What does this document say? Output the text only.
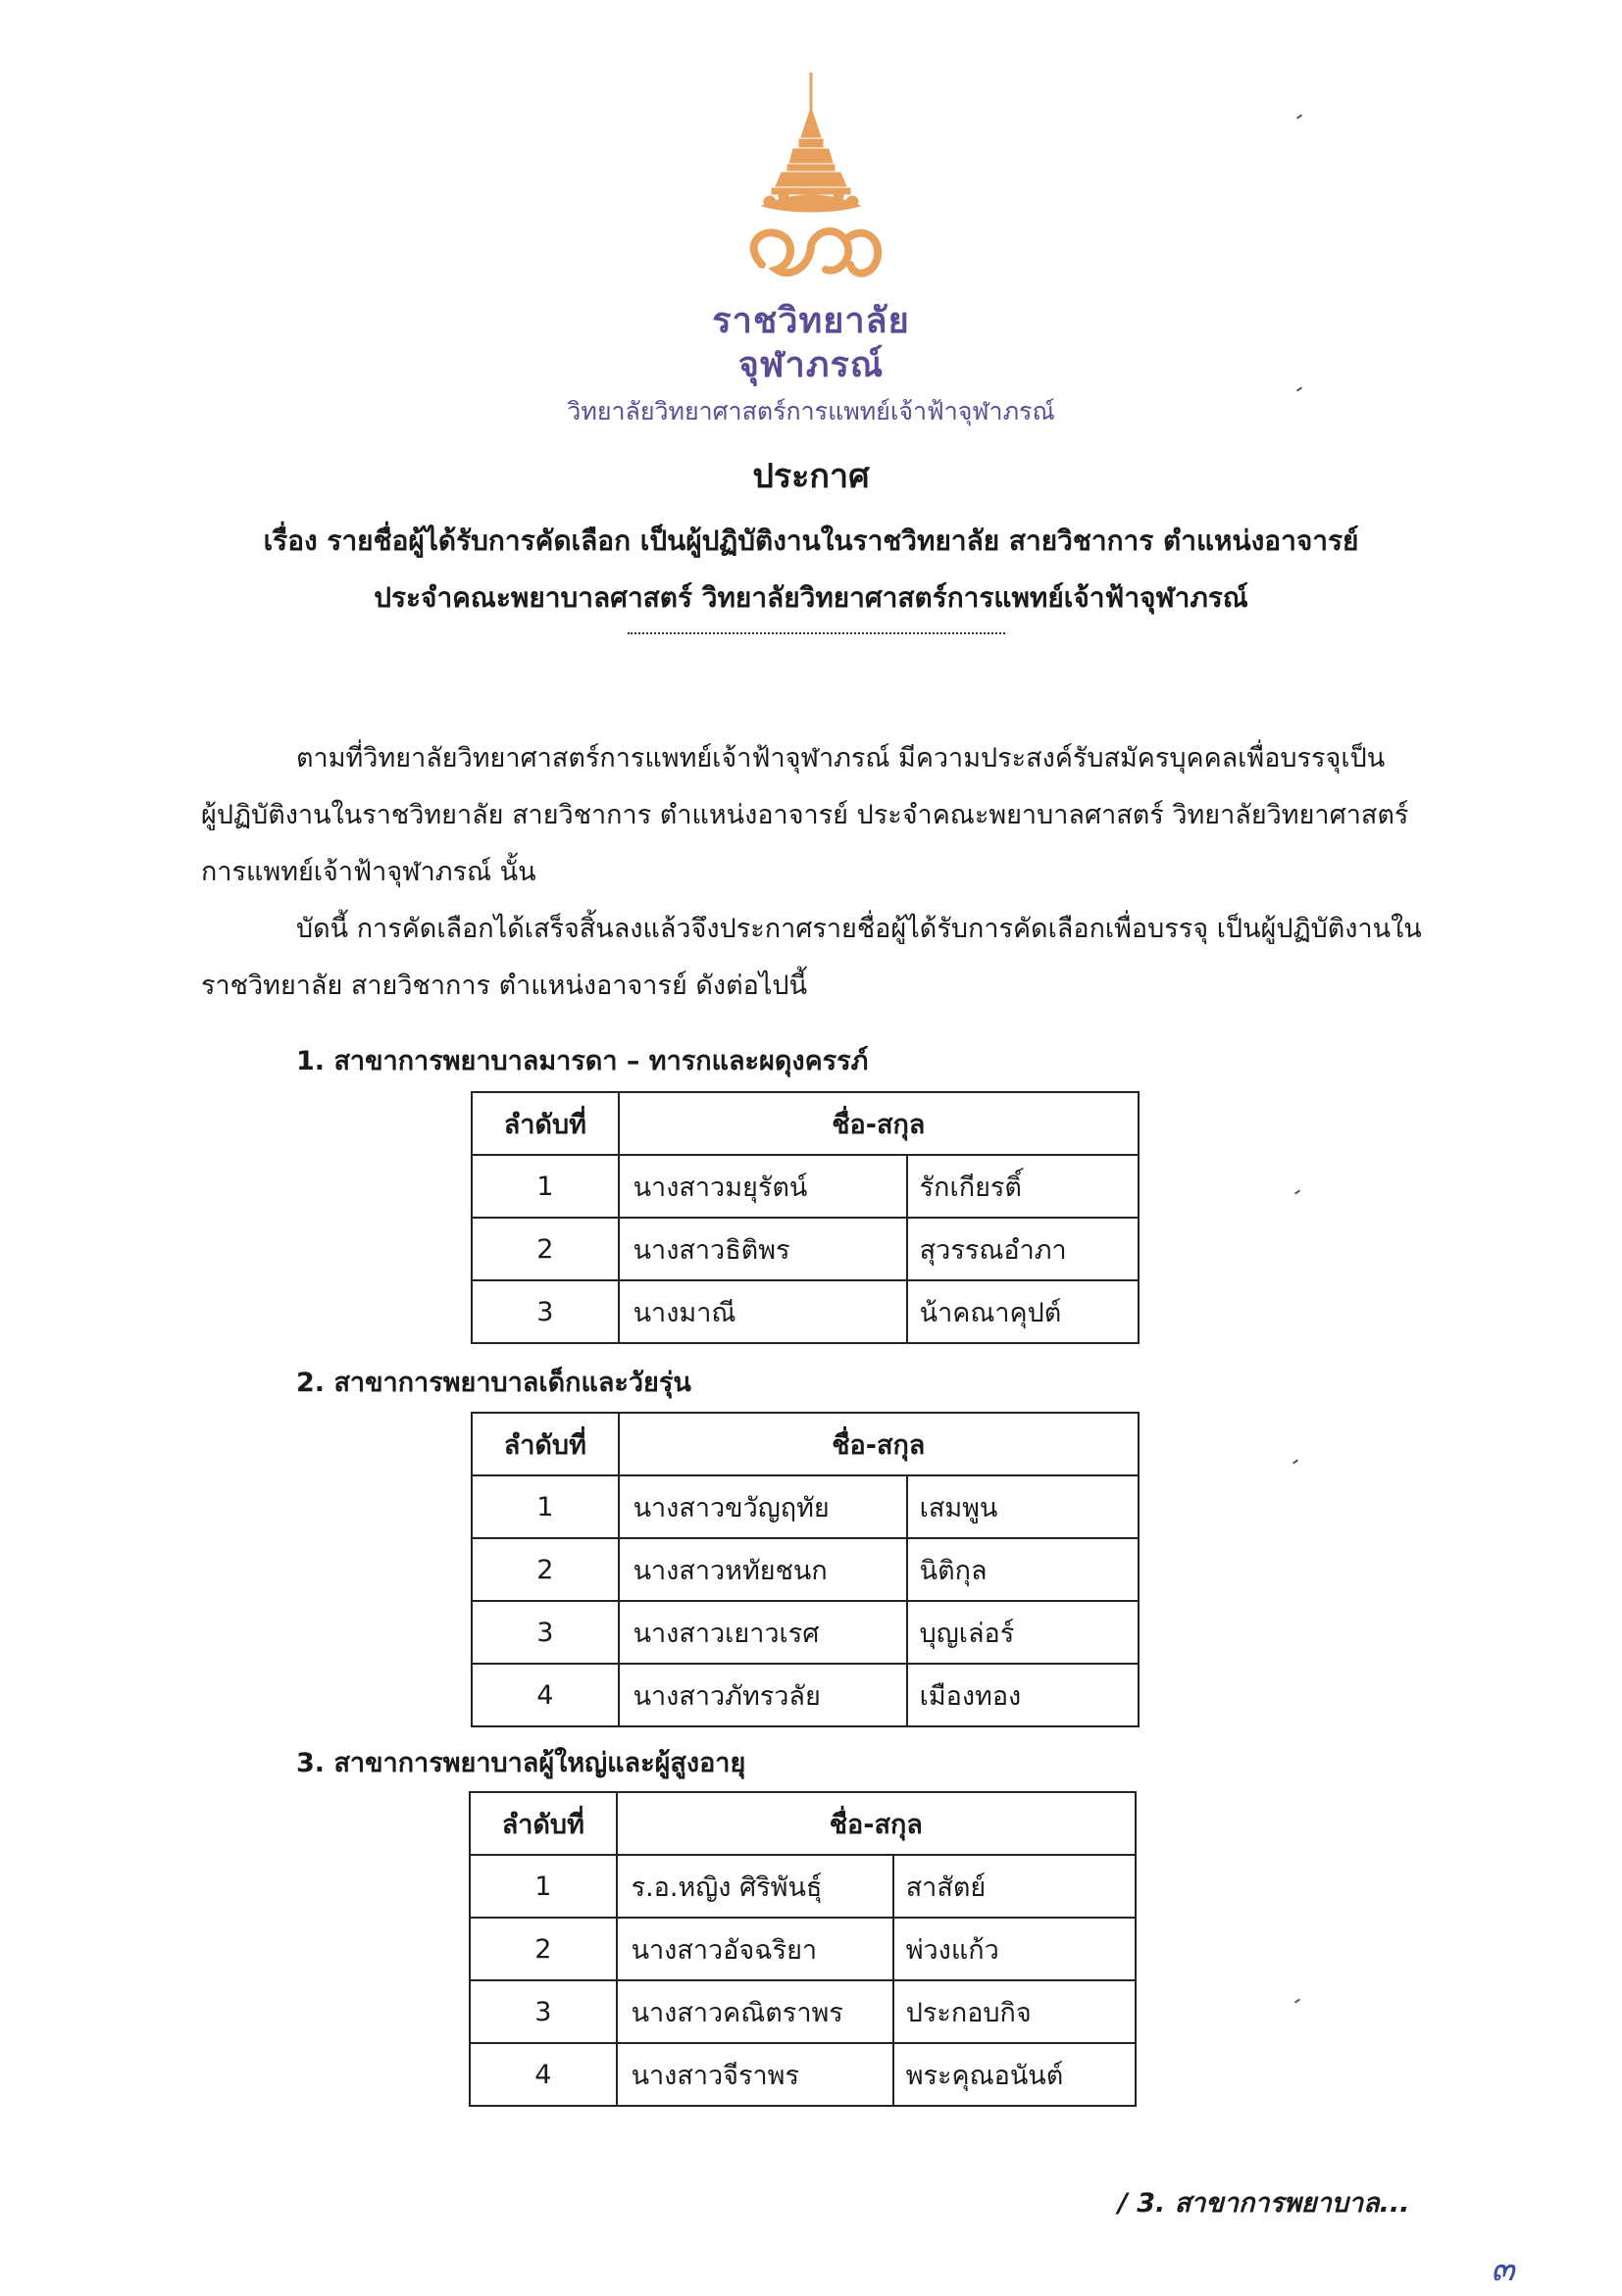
ราชวิทยาลัย
จุฬาภรณ์
วิทยาลัยวิทยาศาสตร์การแพทย์เจ้าฟ้าจุฬาภรณ์
ประกาศ
เรื่อง รายชื่อผู้ได้รับการคัดเลือก เป็นผู้ปฏิบัติงานในราชวิทยาลัย สายวิชาการ ตำแหน่งอาจารย์
ประจำคณะพยาบาลศาสตร์ วิทยาลัยวิทยาศาสตร์การแพทย์เจ้าฟ้าจุฬาภรณ์
ตามที่วิทยาลัยวิทยาศาสตร์การแพทย์เจ้าฟ้าจุฬาภรณ์ มีความประสงค์รับสมัครบุคคลเพื่อบรรจุเป็น
ผู้ปฏิบัติงานในราชวิทยาลัย สายวิชาการ ตำแหน่งอาจารย์ ประจำคณะพยาบาลศาสตร์ วิทยาลัยวิทยาศาสตร์
การแพทย์เจ้าฟ้าจุฬาภรณ์ นั้น
บัดนี้ การคัดเลือกได้เสร็จสิ้นลงแล้วจึงประกาศรายชื่อผู้ได้รับการคัดเลือกเพื่อบรรจุ เป็นผู้ปฏิบัติงานใน
ราชวิทยาลัย สายวิชาการ ตำแหน่งอาจารย์ ดังต่อไปนี้
1. สาขาการพยาบาลมารดา – ทารกและผดุงครรภ์
ลำดับที่	ชื่อ-สกุล	
1	นางสาวมยุรัตน์	รักเกียรติ์
2	นางสาวธิติพร	สุวรรณอำภา
3	นางมาณี	น้าคณาคุปต์
2. สาขาการพยาบาลเด็กและวัยรุ่น
ลำดับที่	ชื่อ-สกุล	
1	นางสาวขวัญฤทัย	เสมพูน
2	นางสาวหทัยชนก	นิติกุล
3	นางสาวเยาวเรศ	บุญเล่อร์
4	นางสาวภัทรวลัย	เมืองทอง
3. สาขาการพยาบาลผู้ใหญ่และผู้สูงอายุ
ลำดับที่	ชื่อ-สกุล	
1	ร.อ.หญิง ศิริพันธุ์	สาสัตย์
2	นางสาวอัจฉริยา	พ่วงแก้ว
3	นางสาวคณิตราพร	ประกอบกิจ
4	นางสาวจีราพร	พระคุณอนันต์
/ 3. สาขาการพยาบาล...
๓
